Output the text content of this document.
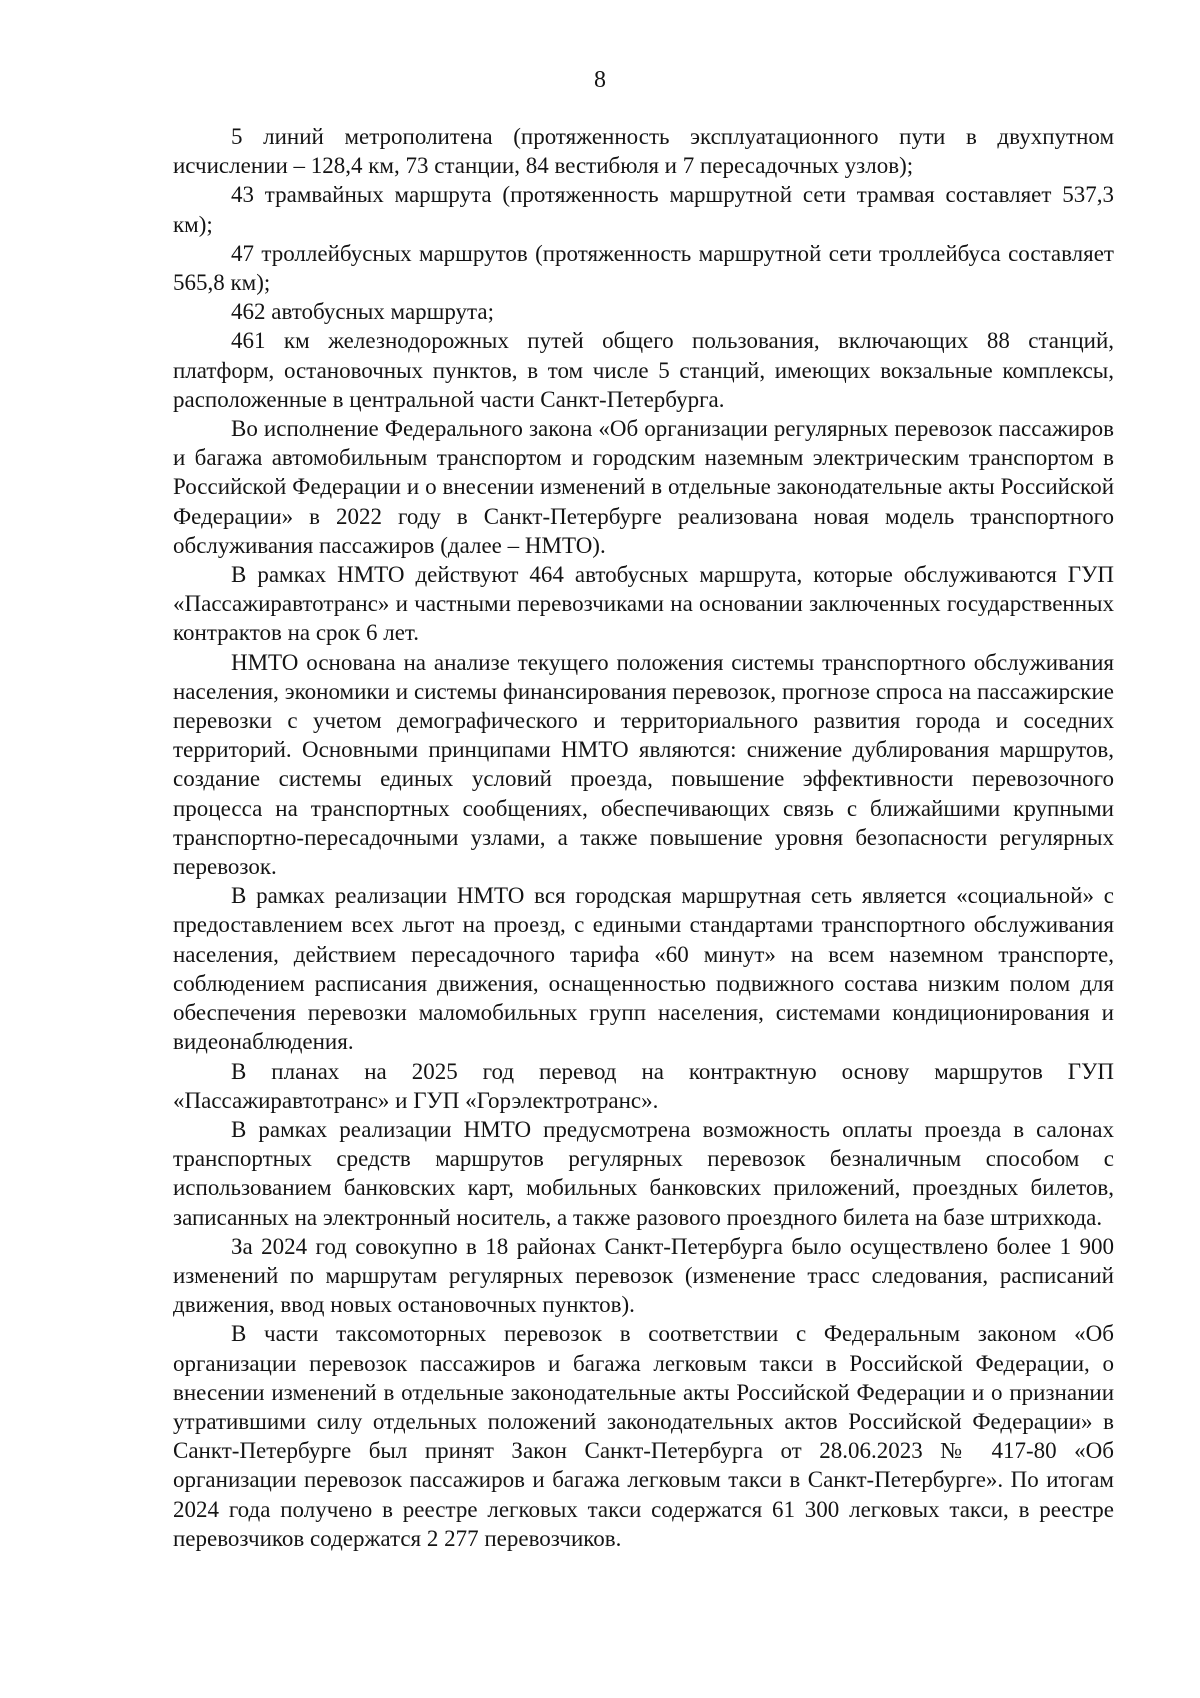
8

5 линий метрополитена (протяженность эксплуатационного пути в двухпутном исчислении – 128,4 км, 73 станции, 84 вестибюля и 7 пересадочных узлов);

43 трамвайных маршрута (протяженность маршрутной сети трамвая составляет 537,3 км);

47 троллейбусных маршрутов (протяженность маршрутной сети троллейбуса составляет 565,8 км);

462 автобусных маршрута;

461 км железнодорожных путей общего пользования, включающих 88 станций, платформ, остановочных пунктов, в том числе 5 станций, имеющих вокзальные комплексы, расположенные в центральной части Санкт-Петербурга.

Во исполнение Федерального закона «Об организации регулярных перевозок пассажиров и багажа автомобильным транспортом и городским наземным электрическим транспортом в Российской Федерации и о внесении изменений в отдельные законодательные акты Российской Федерации» в 2022 году в Санкт-Петербурге реализована новая модель транспортного обслуживания пассажиров (далее – НМТО).

В рамках НМТО действуют 464 автобусных маршрута, которые обслуживаются ГУП «Пассажиравтотранс» и частными перевозчиками на основании заключенных государственных контрактов на срок 6 лет.

НМТО основана на анализе текущего положения системы транспортного обслуживания населения, экономики и системы финансирования перевозок, прогнозе спроса на пассажирские перевозки с учетом демографического и территориального развития города и соседних территорий. Основными принципами НМТО являются: снижение дублирования маршрутов, создание системы единых условий проезда, повышение эффективности перевозочного процесса на транспортных сообщениях, обеспечивающих связь с ближайшими крупными транспортно-пересадочными узлами, а также повышение уровня безопасности регулярных перевозок.

В рамках реализации НМТО вся городская маршрутная сеть является «социальной» с предоставлением всех льгот на проезд, с едиными стандартами транспортного обслуживания населения, действием пересадочного тарифа «60 минут» на всем наземном транспорте, соблюдением расписания движения, оснащенностью подвижного состава низким полом для обеспечения перевозки маломобильных групп населения, системами кондиционирования и видеонаблюдения.

В планах на 2025 год перевод на контрактную основу маршрутов ГУП «Пассажиравтотранс» и ГУП «Горэлектротранс».

В рамках реализации НМТО предусмотрена возможность оплаты проезда в салонах транспортных средств маршрутов регулярных перевозок безналичным способом с использованием банковских карт, мобильных банковских приложений, проездных билетов, записанных на электронный носитель, а также разового проездного билета на базе штрихкода.

За 2024 год совокупно в 18 районах Санкт-Петербурга было осуществлено более 1 900 изменений по маршрутам регулярных перевозок (изменение трасс следования, расписаний движения, ввод новых остановочных пунктов).

В части таксомоторных перевозок в соответствии с Федеральным законом «Об организации перевозок пассажиров и багажа легковым такси в Российской Федерации, о внесении изменений в отдельные законодательные акты Российской Федерации и о признании утратившими силу отдельных положений законодательных актов Российской Федерации» в Санкт-Петербурге был принят Закон Санкт-Петербурга от 28.06.2023 № 417-80 «Об организации перевозок пассажиров и багажа легковым такси в Санкт-Петербурге». По итогам 2024 года получено в реестре легковых такси содержатся 61 300 легковых такси, в реестре перевозчиков содержатся 2 277 перевозчиков.
